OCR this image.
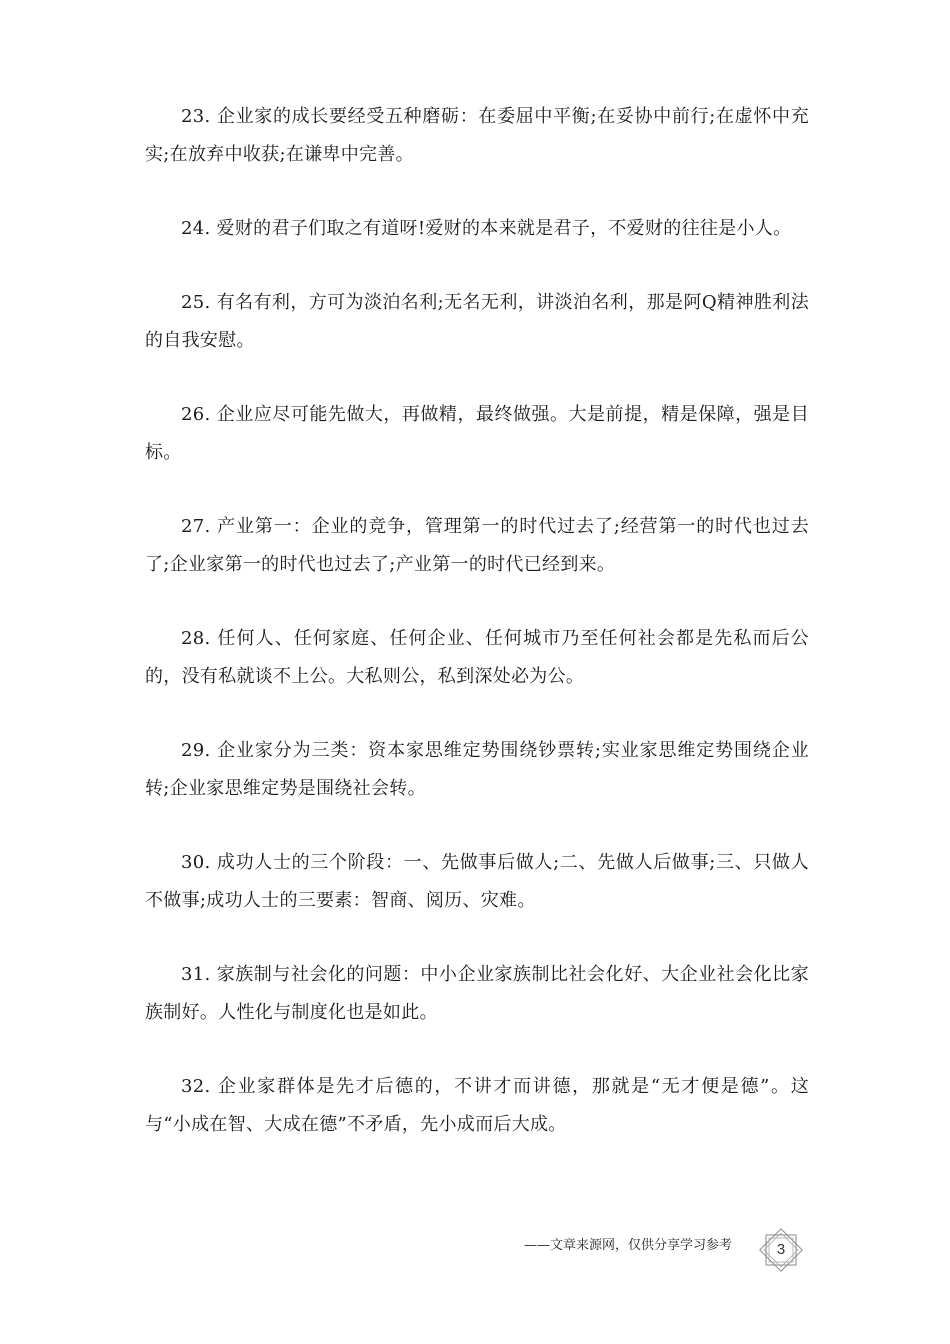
23. 企业家的成长要经受五种磨砺：在委屈中平衡;在妥协中前行;在虚怀中充实;在放弃中收获;在谦卑中完善。

24. 爱财的君子们取之有道呀!爱财的本来就是君子，不爱财的往往是小人。

25. 有名有利，方可为淡泊名利;无名无利，讲淡泊名利，那是阿Q精神胜利法的自我安慰。

26. 企业应尽可能先做大，再做精，最终做强。大是前提，精是保障，强是目标。

27. 产业第一：企业的竞争，管理第一的时代过去了;经营第一的时代也过去了;企业家第一的时代也过去了;产业第一的时代已经到来。

28. 任何人、任何家庭、任何企业、任何城市乃至任何社会都是先私而后公的，没有私就谈不上公。大私则公，私到深处必为公。

29. 企业家分为三类：资本家思维定势围绕钞票转;实业家思维定势围绕企业转;企业家思维定势是围绕社会转。

30. 成功人士的三个阶段：一、先做事后做人;二、先做人后做事;三、只做人不做事;成功人士的三要素：智商、阅历、灾难。

31. 家族制与社会化的问题：中小企业家族制比社会化好、大企业社会化比家族制好。人性化与制度化也是如此。

32. 企业家群体是先才后德的，不讲才而讲德，那就是“无才便是德”。这与“小成在智、大成在德”不矛盾，先小成而后大成。

——文章来源网，仅供分享学习参考	3
